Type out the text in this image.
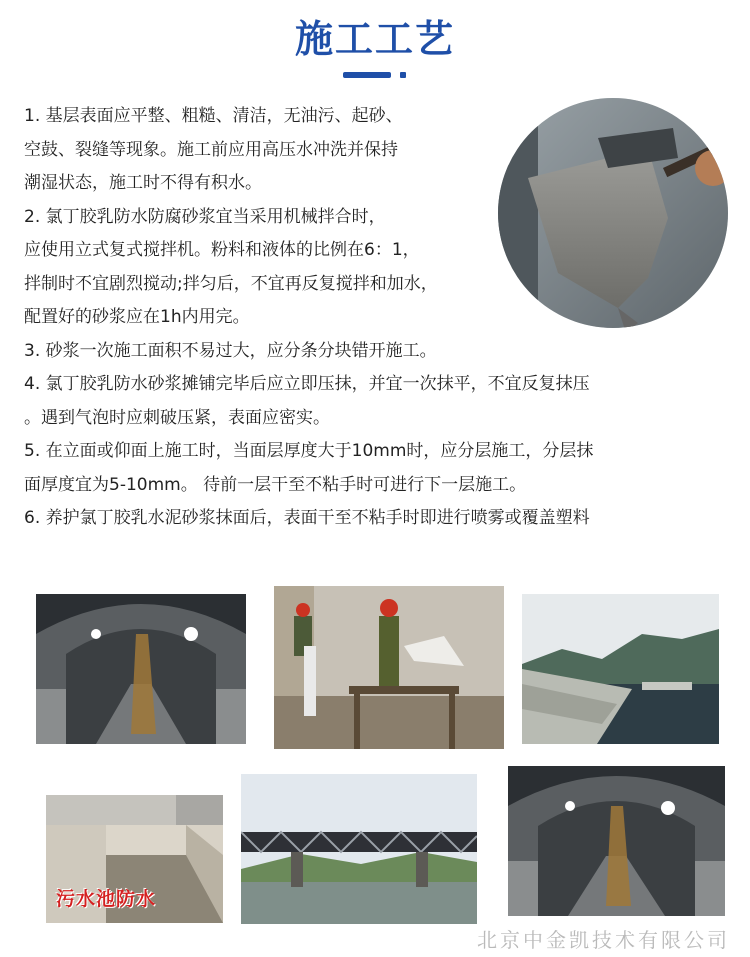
施工工艺
1. 基层表面应平整、粗糙、清洁，无油污、起砂、
空鼓、裂缝等现象。施工前应用高压水冲洗并保持
潮湿状态，施工时不得有积水。
2. 氯丁胶乳防水防腐砂浆宜当采用机械拌合时，
应使用立式复式搅拌机。粉料和液体的比例在6：1，
拌制时不宜剧烈搅动;拌匀后，不宜再反复搅拌和加水，
配置好的砂浆应在1h内用完。
3. 砂浆一次施工面积不易过大，应分条分块错开施工。
4. 氯丁胶乳防水砂浆摊铺完毕后应立即压抹，并宜一次抹平，不宜反复抹压
。遇到气泡时应刺破压紧，表面应密实。
5. 在立面或仰面上施工时，当面层厚度大于10mm时，应分层施工，分层抹
面厚度宜为5-10mm。 待前一层干至不粘手时可进行下一层施工。
6. 养护氯丁胶乳水泥砂浆抹面后，表面干至不粘手时即进行喷雾或覆盖塑料
污水池防水
北京中金凯技术有限公司
